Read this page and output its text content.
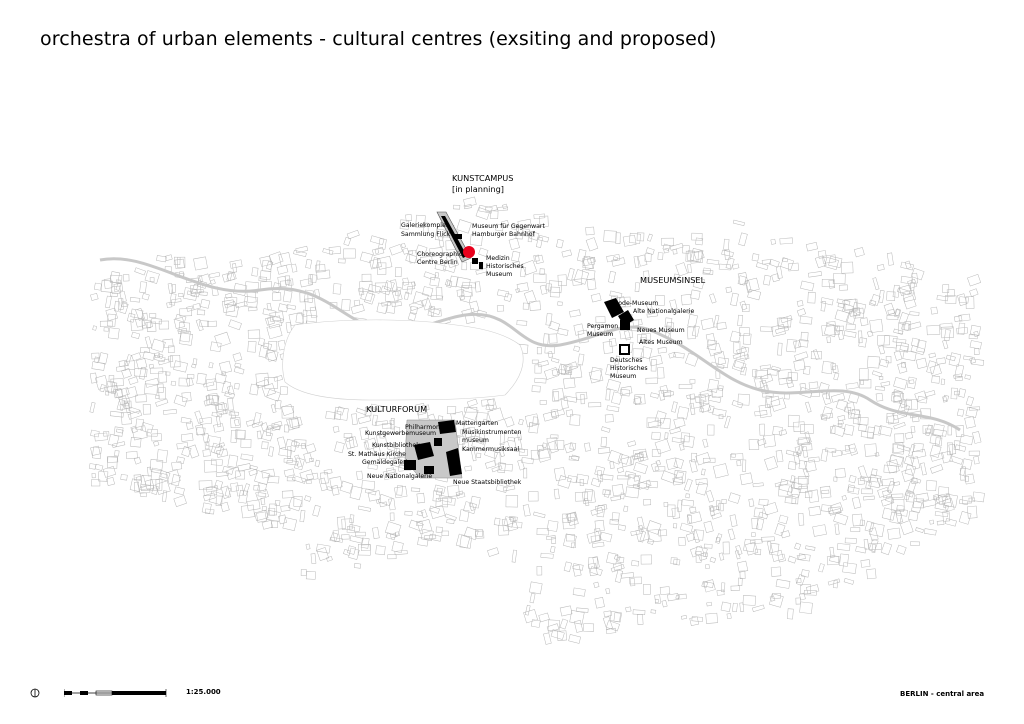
orchestra of urban elements - cultural centres (exsiting and proposed)
KUNSTCAMPUS
[in planning]
MUSEUMSINSEL
KULTURFORUM
Galeriekomplex
Sammlung Flick
Museum für Gegenwart
Hamburger Bahnhof
Choreographic
Centre Berlin
Medizin
Historisches
Museum
Bode-Museum
Alte Nationalgalerie
Pergamon
Museum
Neues Museum
Altes Museum
Deutsches
Historisches
Museum
Mattengarten
Philharmonie
Kunstgewerbemuseum	Musikinstrumenten
museum
Kunstbibliothek
Kammermusiksaal
St. Mathäus Kirche
Gemäldegalerie
Neue Nationalgalerie
Neue Staatsbibliothek
1:25.000	BERLIN - central area
